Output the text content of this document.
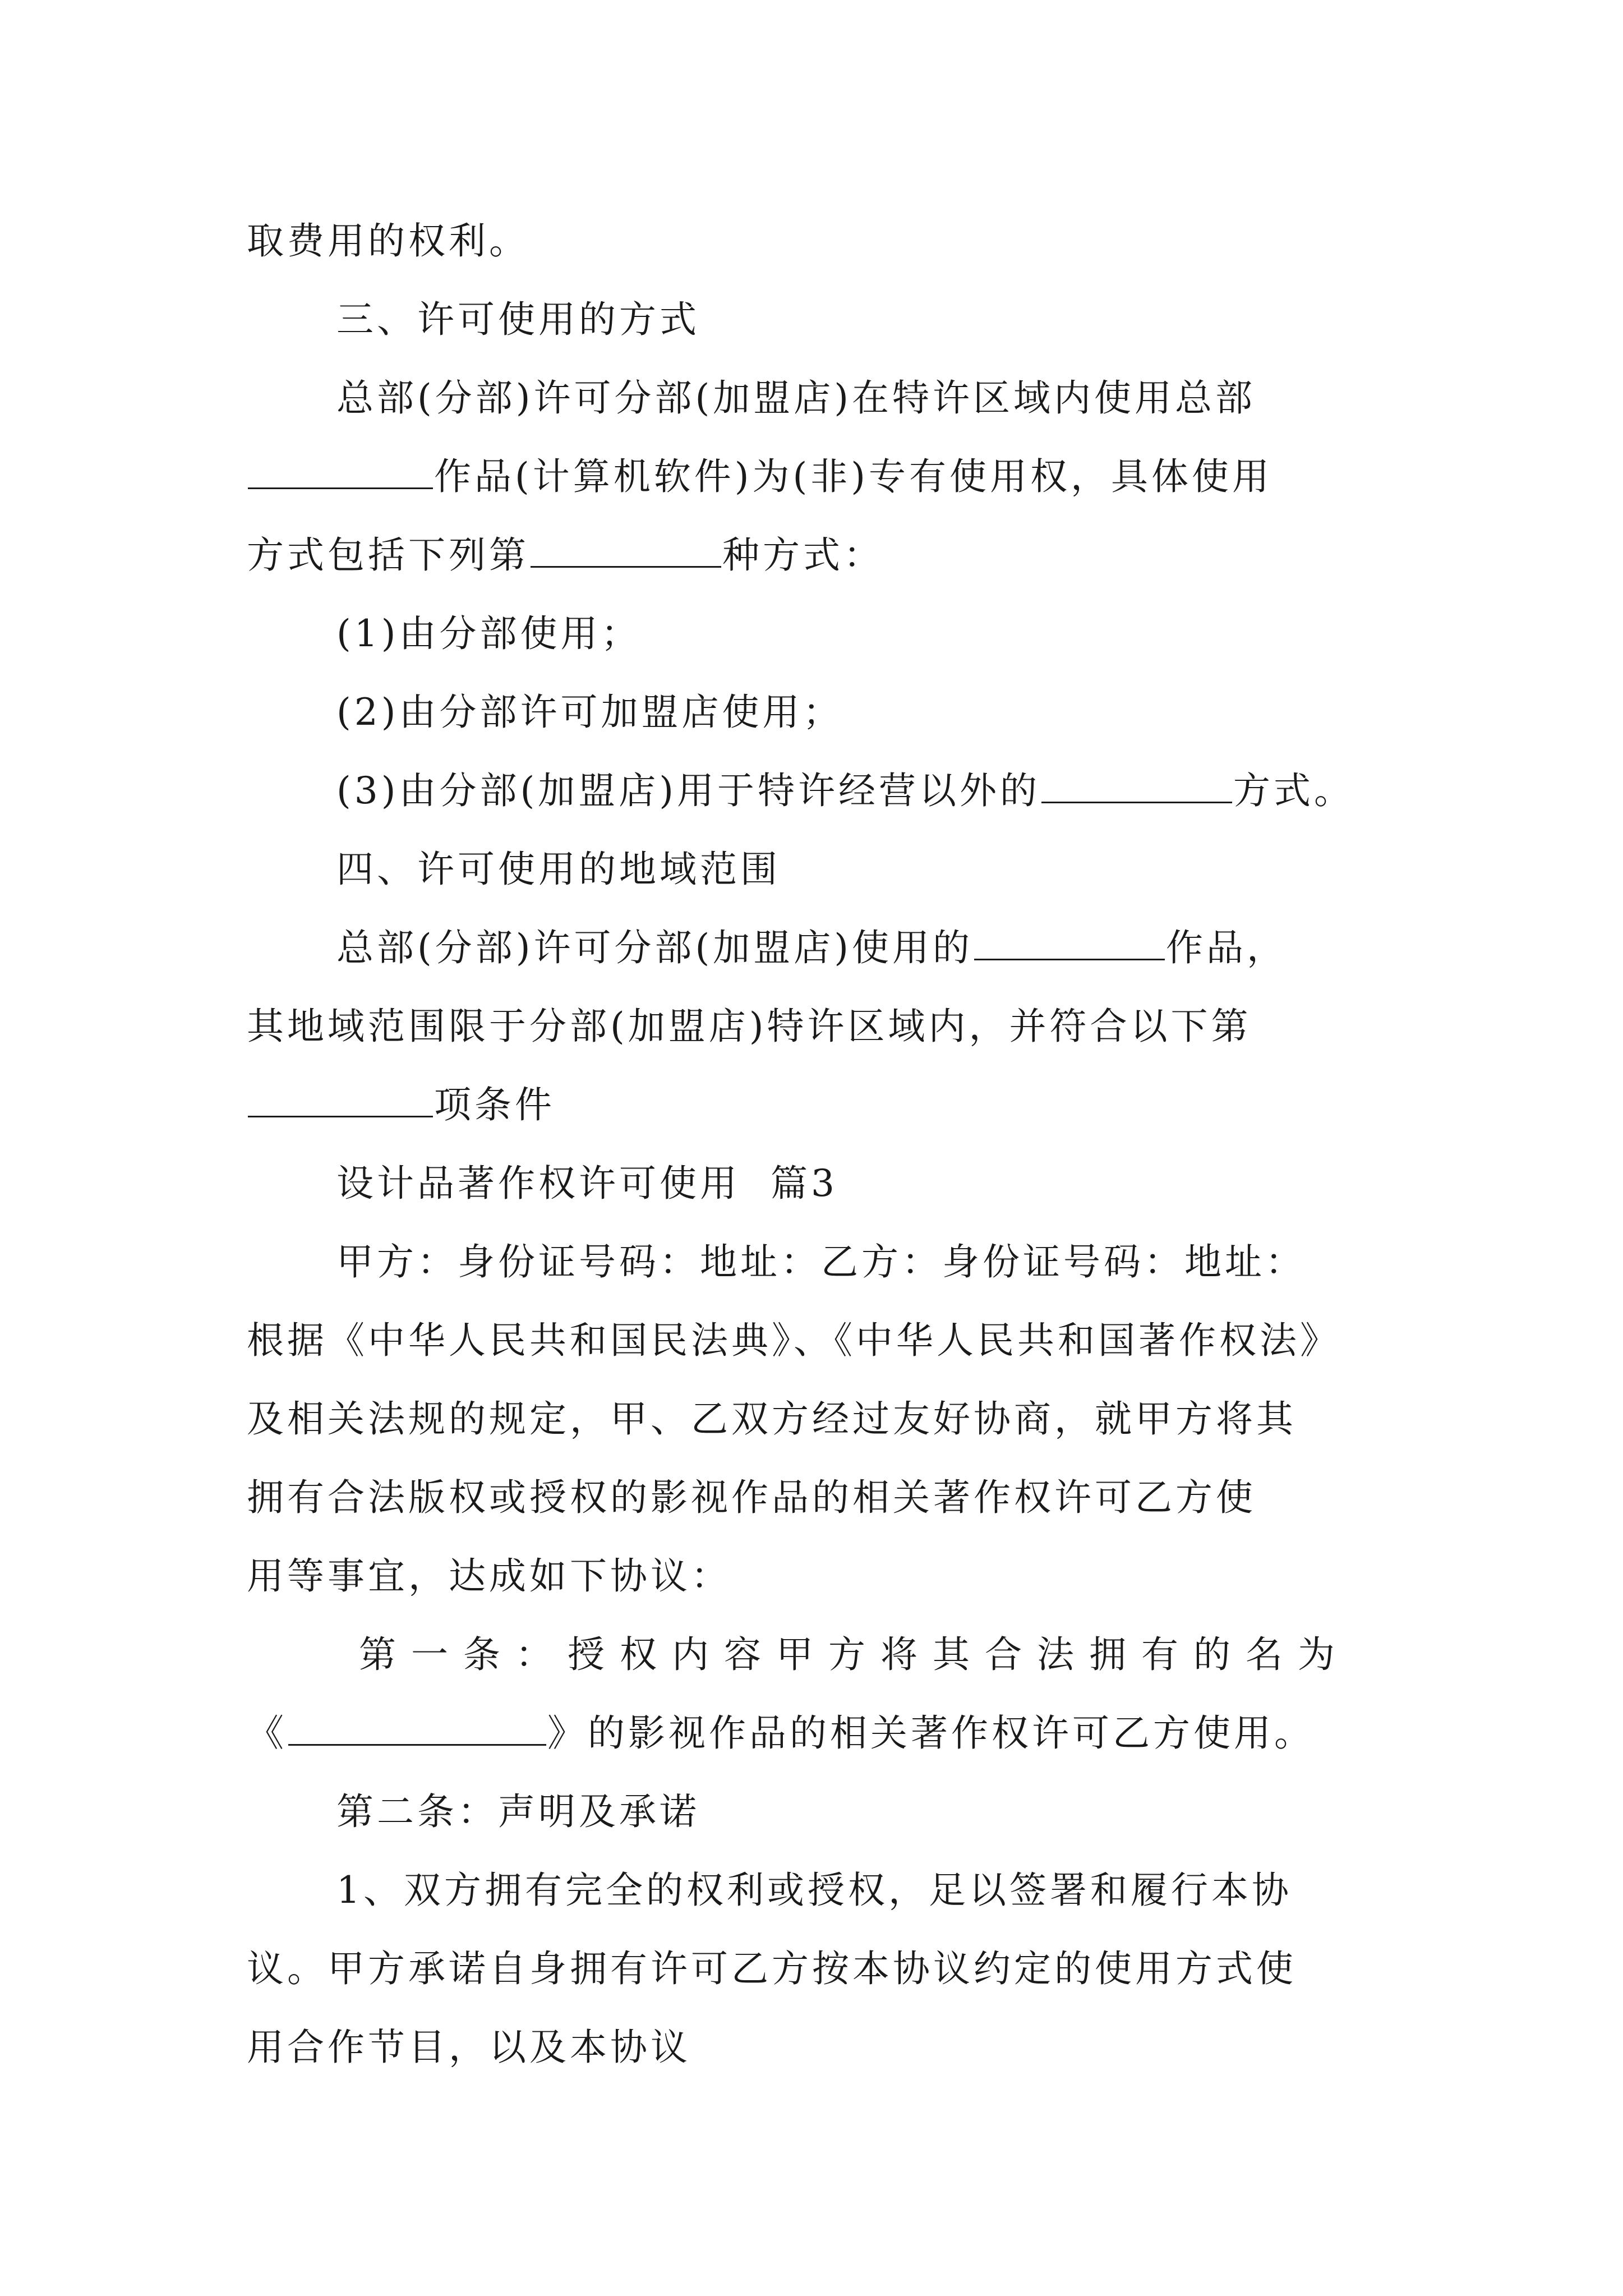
取费用的权利。
三、许可使用的方式
总部(分部)许可分部(加盟店)在特许区域内使用总部
作品(计算机软件)为(非)专有使用权，具体使用
方式包括下列第	种方式：
(1)由分部使用；
(2)由分部许可加盟店使用；
(3)由分部(加盟店)用于特许经营以外的	方式。
四、许可使用的地域范围
总部(分部)许可分部(加盟店)使用的	作品，
其地域范围限于分部(加盟店)特许区域内，并符合以下第
项条件
设计品著作权许可使用  篇3
甲方：身份证号码：地址：乙方：身份证号码：地址：
根据《中华人民共和国民法典》、《中华人民共和国著作权法》
及相关法规的规定，甲、乙双方经过友好协商，就甲方将其
拥有合法版权或授权的影视作品的相关著作权许可乙方使
用等事宜，达成如下协议：
第一条：授权内容甲方将其合法拥有的名为
《	》的影视作品的相关著作权许可乙方使用。
第二条：声明及承诺
1、双方拥有完全的权利或授权，足以签署和履行本协
议。甲方承诺自身拥有许可乙方按本协议约定的使用方式使
用合作节目，以及本协议
